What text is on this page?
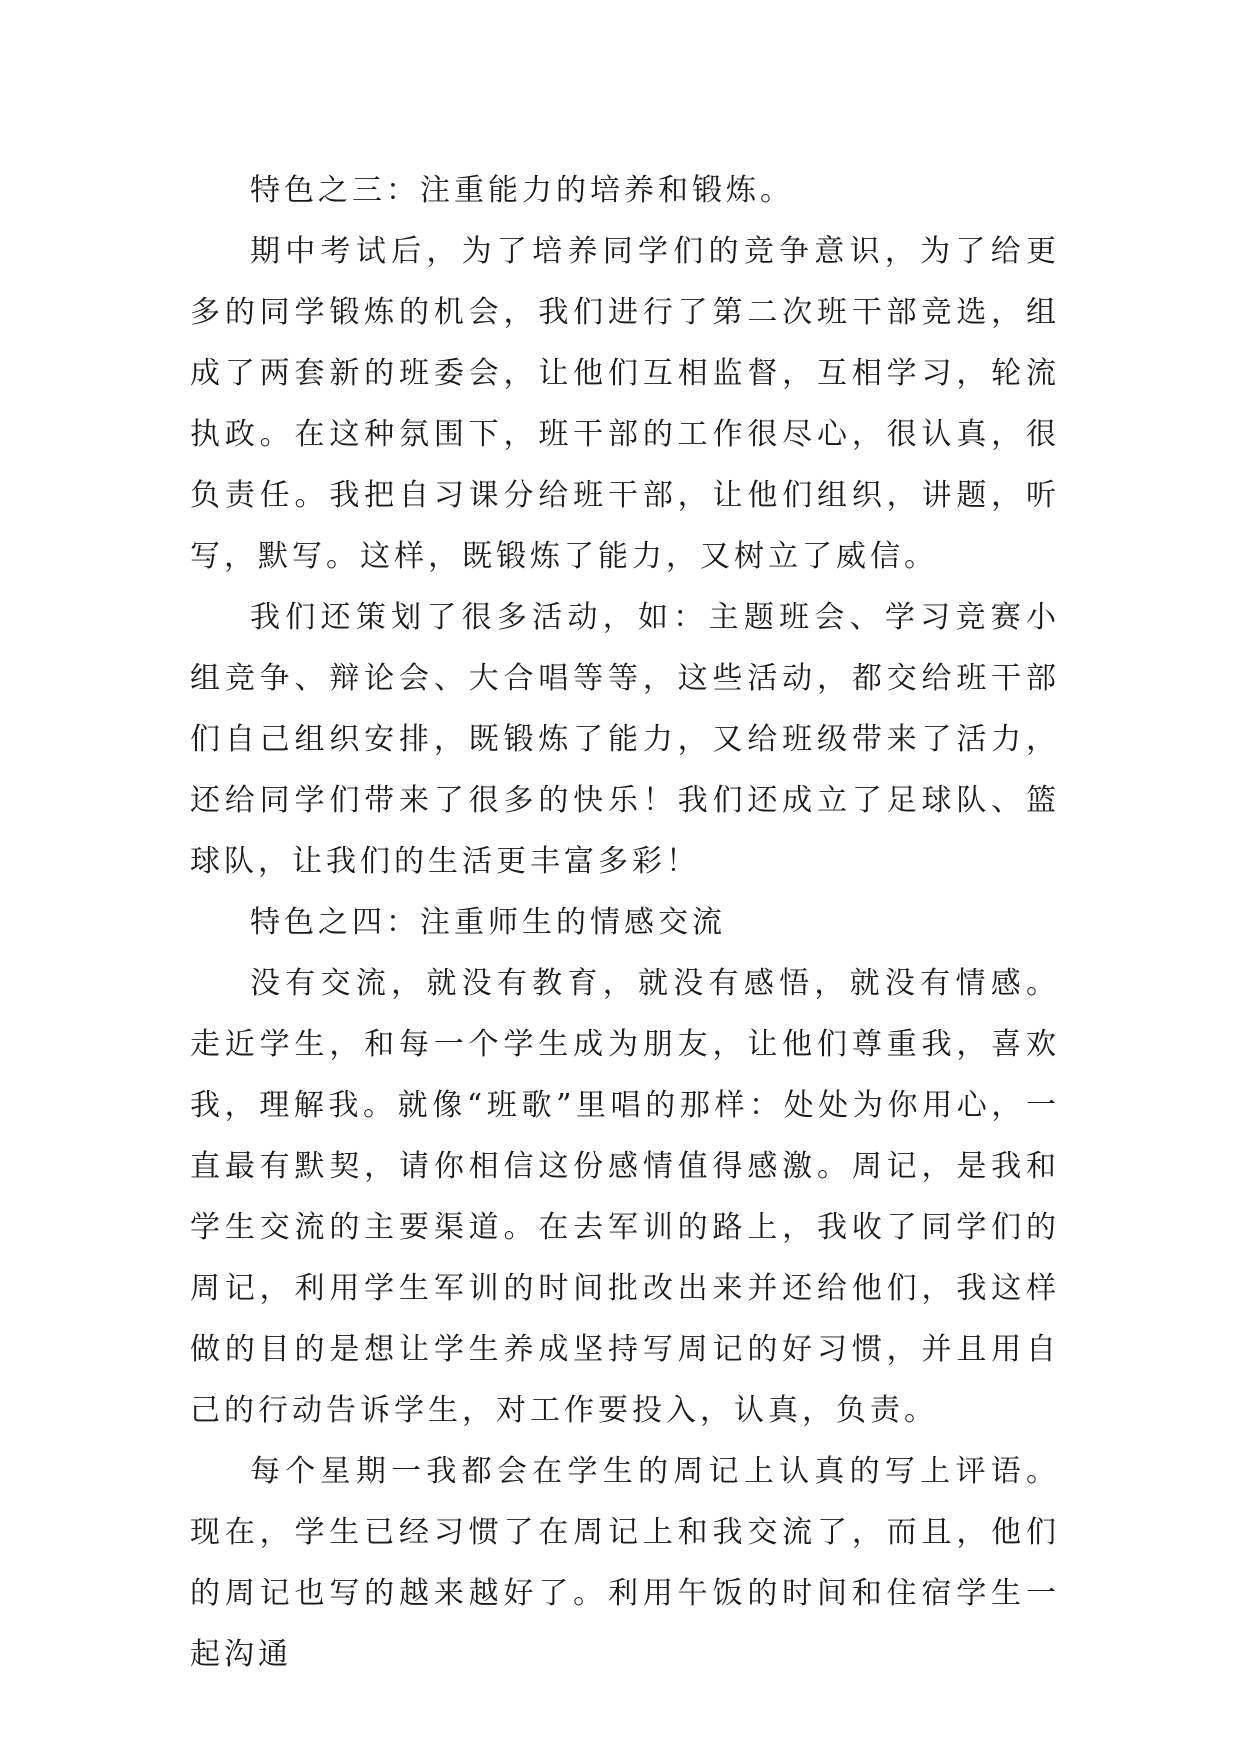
特色之三：注重能力的培养和锻炼。

期中考试后，为了培养同学们的竞争意识，为了给更多的同学锻炼的机会，我们进行了第二次班干部竞选，组成了两套新的班委会，让他们互相监督，互相学习，轮流执政。在这种氛围下，班干部的工作很尽心，很认真，很负责任。我把自习课分给班干部，让他们组织，讲题，听写，默写。这样，既锻炼了能力，又树立了威信。

我们还策划了很多活动，如：主题班会、学习竞赛小组竞争、辩论会、大合唱等等，这些活动，都交给班干部们自己组织安排，既锻炼了能力，又给班级带来了活力，还给同学们带来了很多的快乐！我们还成立了足球队、篮球队，让我们的生活更丰富多彩！

特色之四：注重师生的情感交流

没有交流，就没有教育，就没有感悟，就没有情感。走近学生，和每一个学生成为朋友，让他们尊重我，喜欢我，理解我。就像“班歌”里唱的那样：处处为你用心，一直最有默契，请你相信这份感情值得感激。周记，是我和学生交流的主要渠道。在去军训的路上，我收了同学们的周记，利用学生军训的时间批改出来并还给他们，我这样做的目的是想让学生养成坚持写周记的好习惯，并且用自己的行动告诉学生，对工作要投入，认真，负责。

每个星期一我都会在学生的周记上认真的写上评语。现在，学生已经习惯了在周记上和我交流了，而且，他们的周记也写的越来越好了。利用午饭的时间和住宿学生一起沟通
